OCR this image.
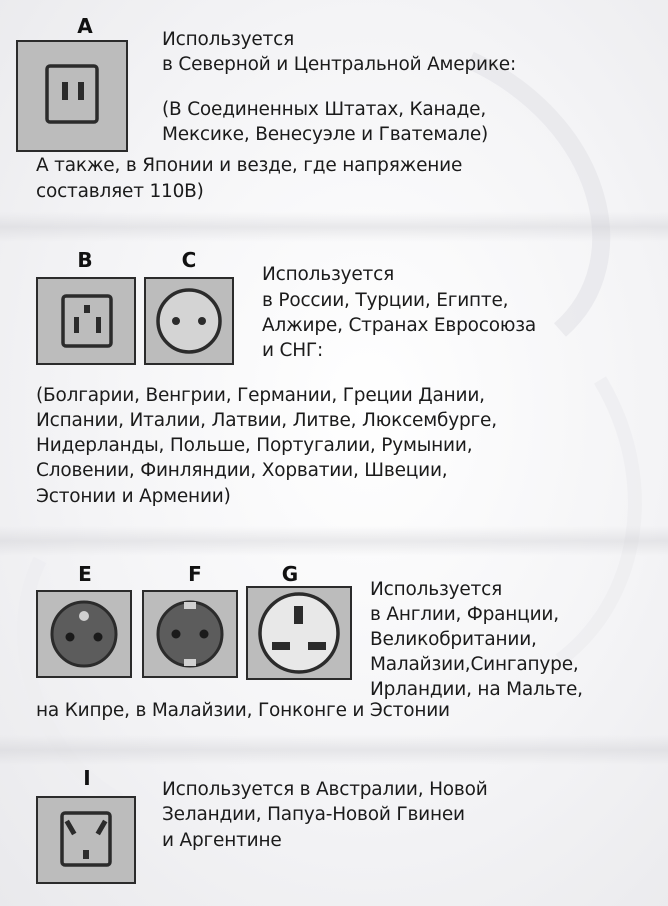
A
Используется
в Северной и Центральной Америке:
(В Соединенных Штатах, Канаде,
Мексике, Венесуэле и Гватемале)
А также, в Японии и везде, где напряжение
составляет 110В)
B	C
Используется
в России, Турции, Египте,
Алжире, Странах Евросоюза
и СНГ:
(Болгарии, Венгрии, Германии, Греции Дании,
Испании, Италии, Латвии, Литве, Люксембурге,
Нидерланды, Польше, Португалии, Румынии,
Словении, Финляндии, Хорватии, Швеции,
Эстонии и Армении)
E	F	G
Используется
в Англии, Франции,
Великобритании,
Малайзии,Сингапуре,
Ирландии, на Мальте,
на Кипре, в Малайзии, Гонконге и Эстонии
I	Используется в Австралии, Новой
Зеландии, Папуа-Новой Гвинеи
и Аргентине
